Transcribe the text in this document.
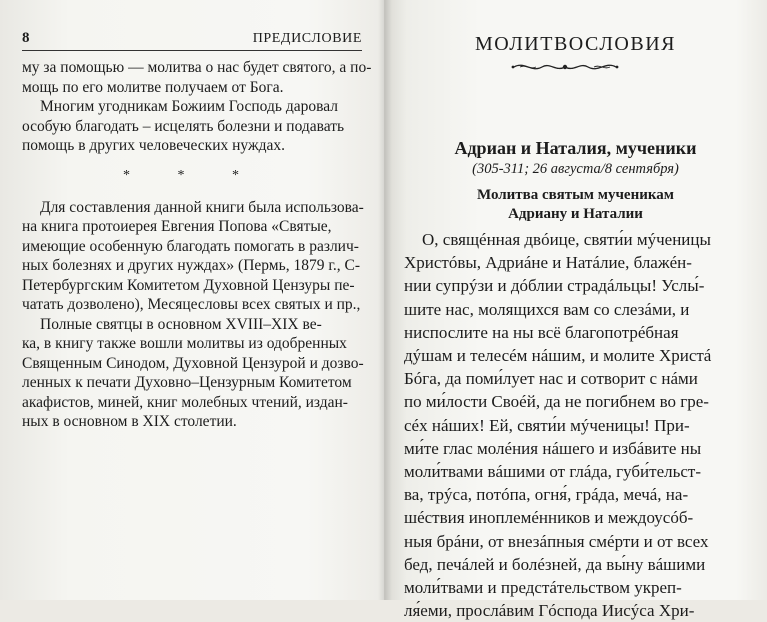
8	ПРЕДИСЛОВИЕ
му за помощью — молитва о нас будет святого, а по-
мощь по его молитве получаем от Бога.
Многим угодникам Божиим Господь даровал
особую благодать – исцелять болезни и подавать
помощь в других человеческих нуждах.
* * *
Для составления данной книги была использова-
на книга протоиерея Евгения Попова «Святые,
имеющие особенную благодать помогать в различ-
ных болезнях и других нуждах» (Пермь, 1879 г., С-
Петербургским Комитетом Духовной Цензуры пе-
чатать дозволено), Месяцесловы всех святых и пр.,
Полные святцы в основном XVIII–XIX ве-
ка, в книгу также вошли молитвы из одобренных
Священным Синодом, Духовной Цензурой и дозво-
ленных к печати Духовно–Цензурным Комитетом
акафистов, миней, книг молебных чтений, издан-
ных в основном в XIX столетии.
МОЛИТВОСЛОВИЯ
Адриан и Наталия, мученики
(305-311; 26 августа/8 сентября)
Молитва святым мученикам
Адриану и Наталии
О, свящéнная двóице, святи́и мýченицы
Христóвы, Адриáне и Натáлие, блажéн-
нии супрýзи и дóблии страдáльцы! Услы́-
шите нас, молящихся вам со слезáми, и
ниспослите на ны всё благопотрéбная
дýшам и телесéм нáшим, и молите Христá
Бóга, да поми́лует нас и сотворит с нáми
по ми́лости Своéй, да не погибнем во грe-
сéх нáших! Ей, святи́и мýченицы! При-
ми́те глас молéния нáшего и избáвите ны
моли́твами вáшими от глáда, губи́тельст-
ва, трýса, потóпа, огня́, грáда, мечá, на-
шéствия иноплемéнников и междоусóб-
ныя брáни, от внезáпныя смéрти и от всех
бед, печáлей и болéзней, да вы́ну вáшими
моли́твами и предстáтельством укреп-
ля́еми, прослáвим Гóспода Иисýса Хри-
